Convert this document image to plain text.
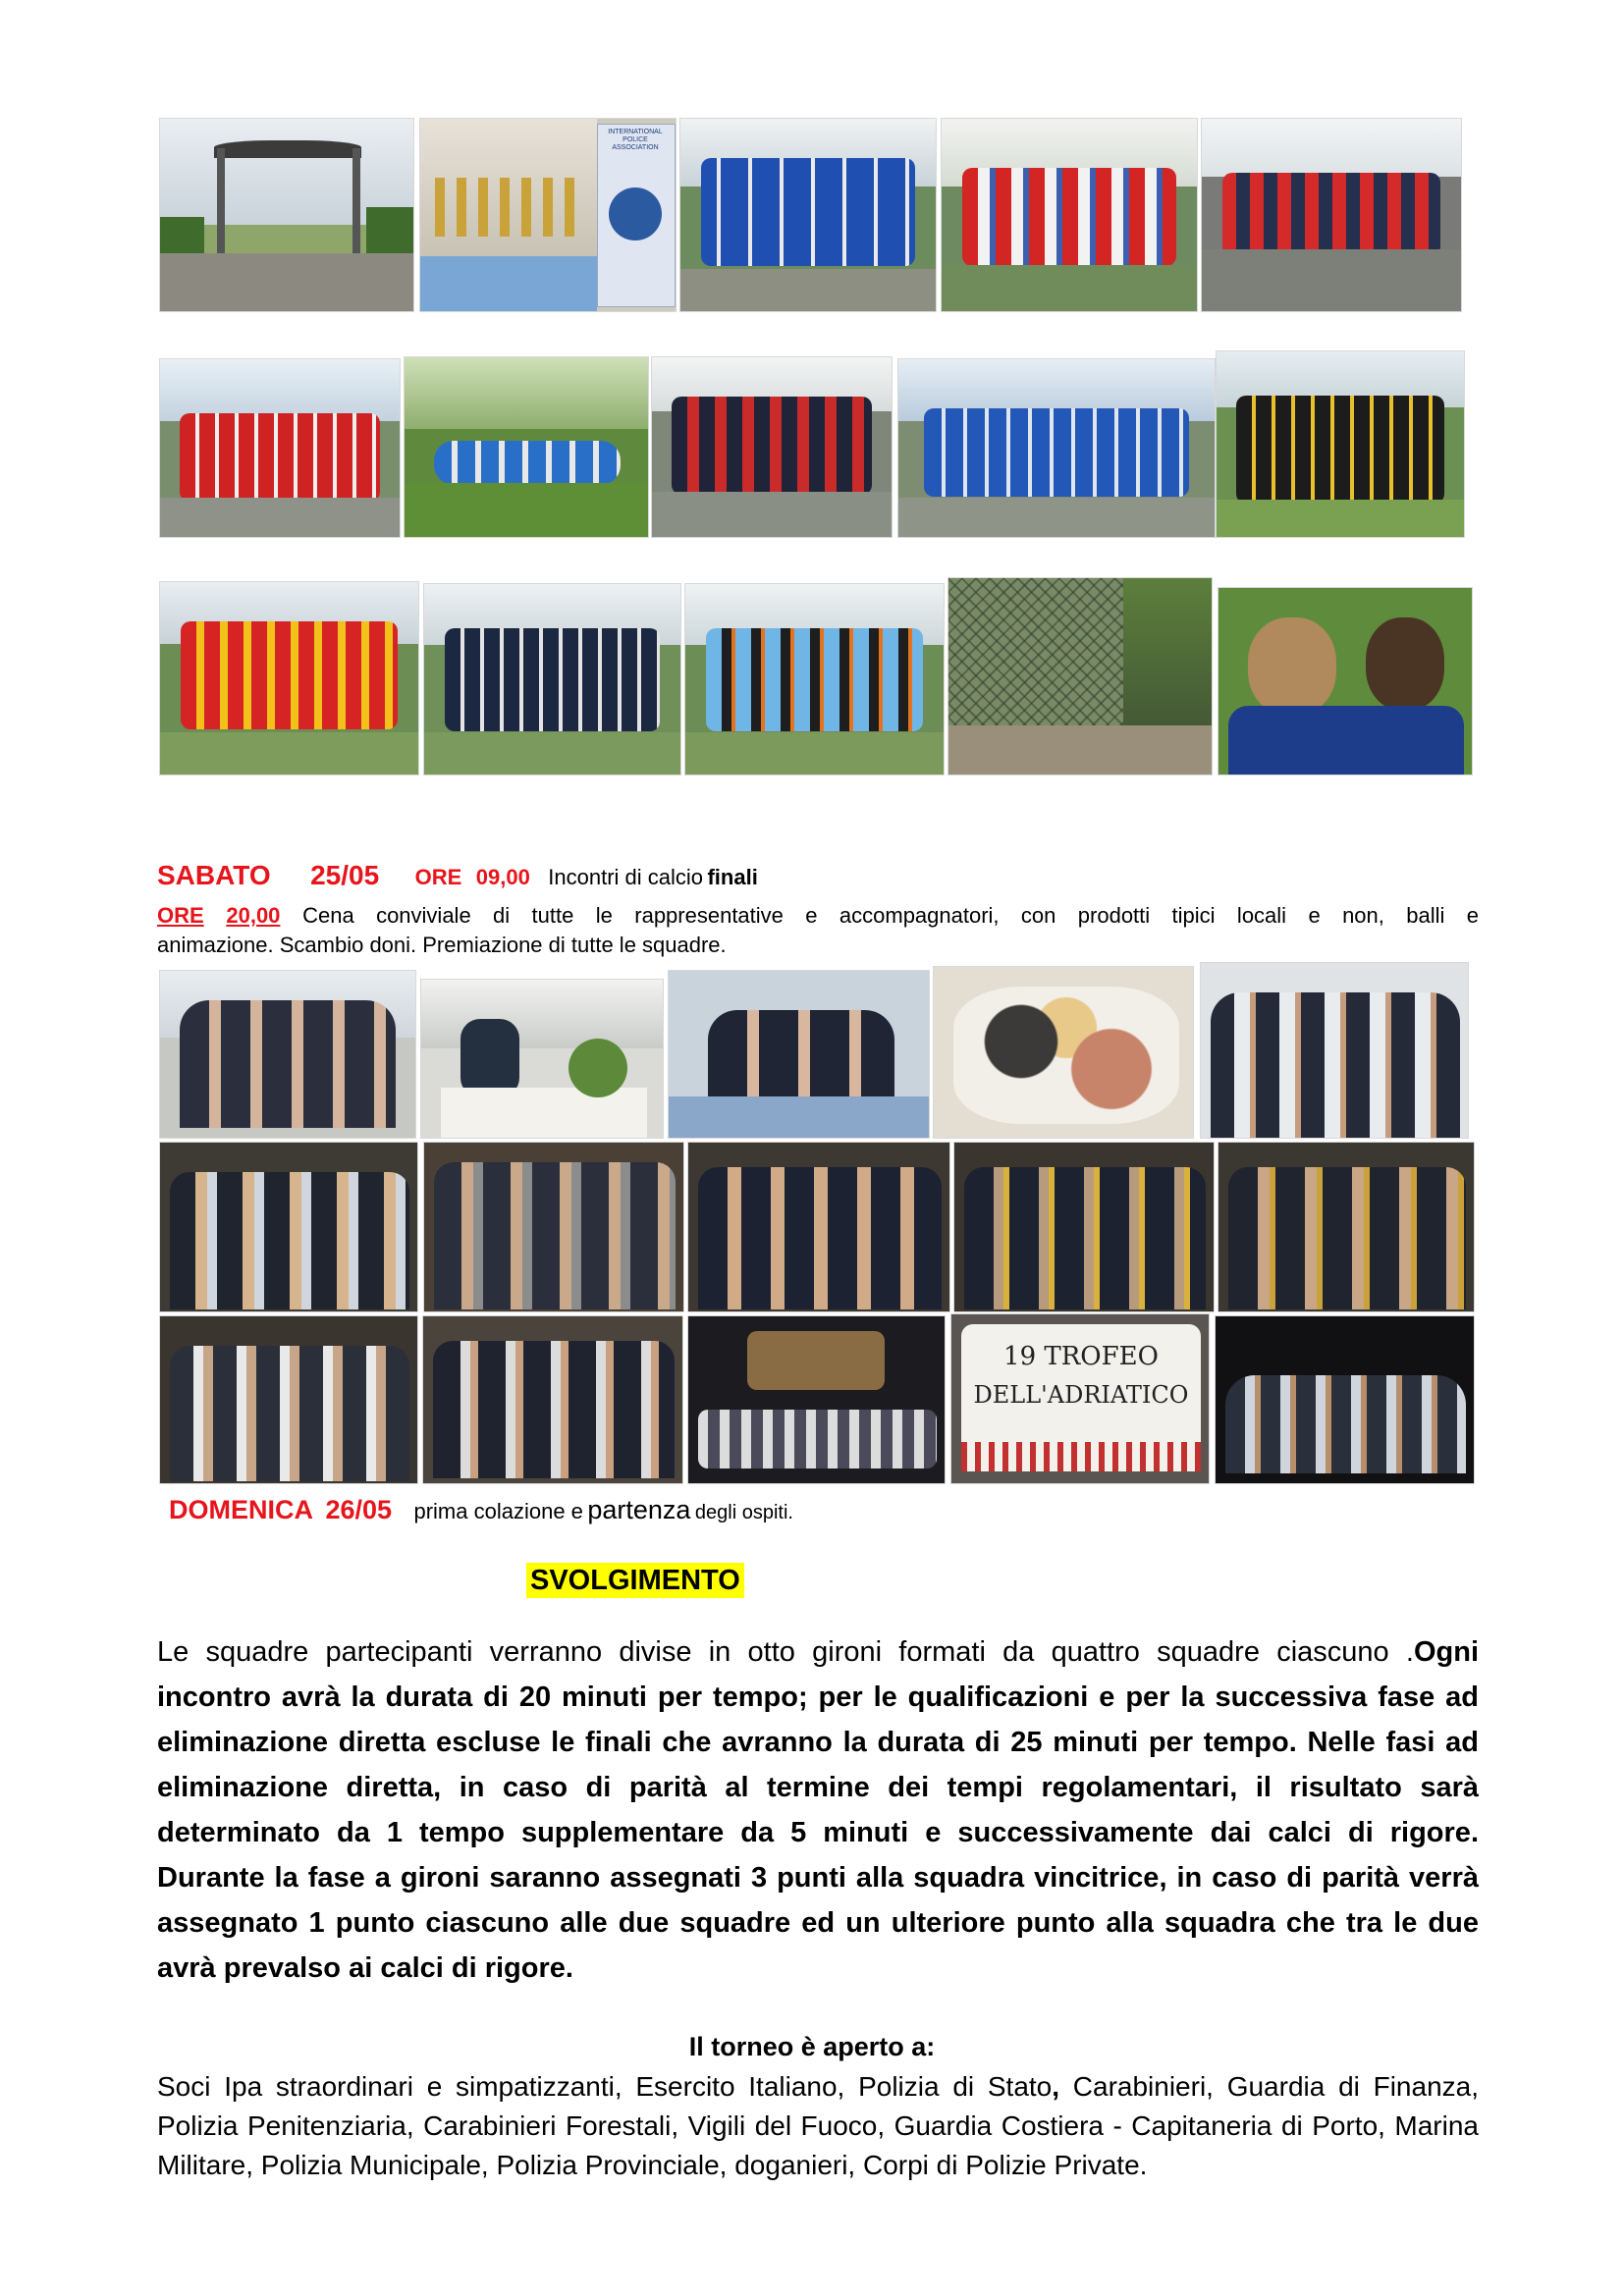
INTERNATIONAL POLICE ASSOCIATION
SABATO 25/05 ORE 09,00 Incontri di calcio finali
ORE 20,00 Cena conviviale di tutte le rappresentative e accompagnatori, con prodotti tipici locali e non, balli e
animazione. Scambio doni. Premiazione di tutte le squadre.
19 TROFEO
DELL'ADRIATICO
DOMENICA 26/05 prima colazione e partenza degli ospiti.
SVOLGIMENTO
Le squadre partecipanti verranno divise in otto gironi formati da quattro squadre ciascuno .Ogni incontro avrà la durata di 20 minuti per tempo; per le qualificazioni e per la successiva fase ad eliminazione diretta escluse le finali che avranno la durata di 25 minuti per tempo. Nelle fasi ad eliminazione diretta, in caso di parità al termine dei tempi regolamentari, il risultato sarà determinato da 1 tempo supplementare da 5 minuti e successivamente dai calci di rigore. Durante la fase a gironi saranno assegnati 3 punti alla squadra vincitrice, in caso di parità verrà assegnato 1 punto ciascuno alle due squadre ed un ulteriore punto alla squadra che tra le due avrà prevalso ai calci di rigore.
Il torneo è aperto a:
Soci Ipa straordinari e simpatizzanti, Esercito Italiano, Polizia di Stato, Carabinieri, Guardia di Finanza, Polizia Penitenziaria, Carabinieri Forestali, Vigili del Fuoco, Guardia Costiera - Capitaneria di Porto, Marina Militare, Polizia Municipale, Polizia Provinciale, doganieri, Corpi di Polizie Private.
